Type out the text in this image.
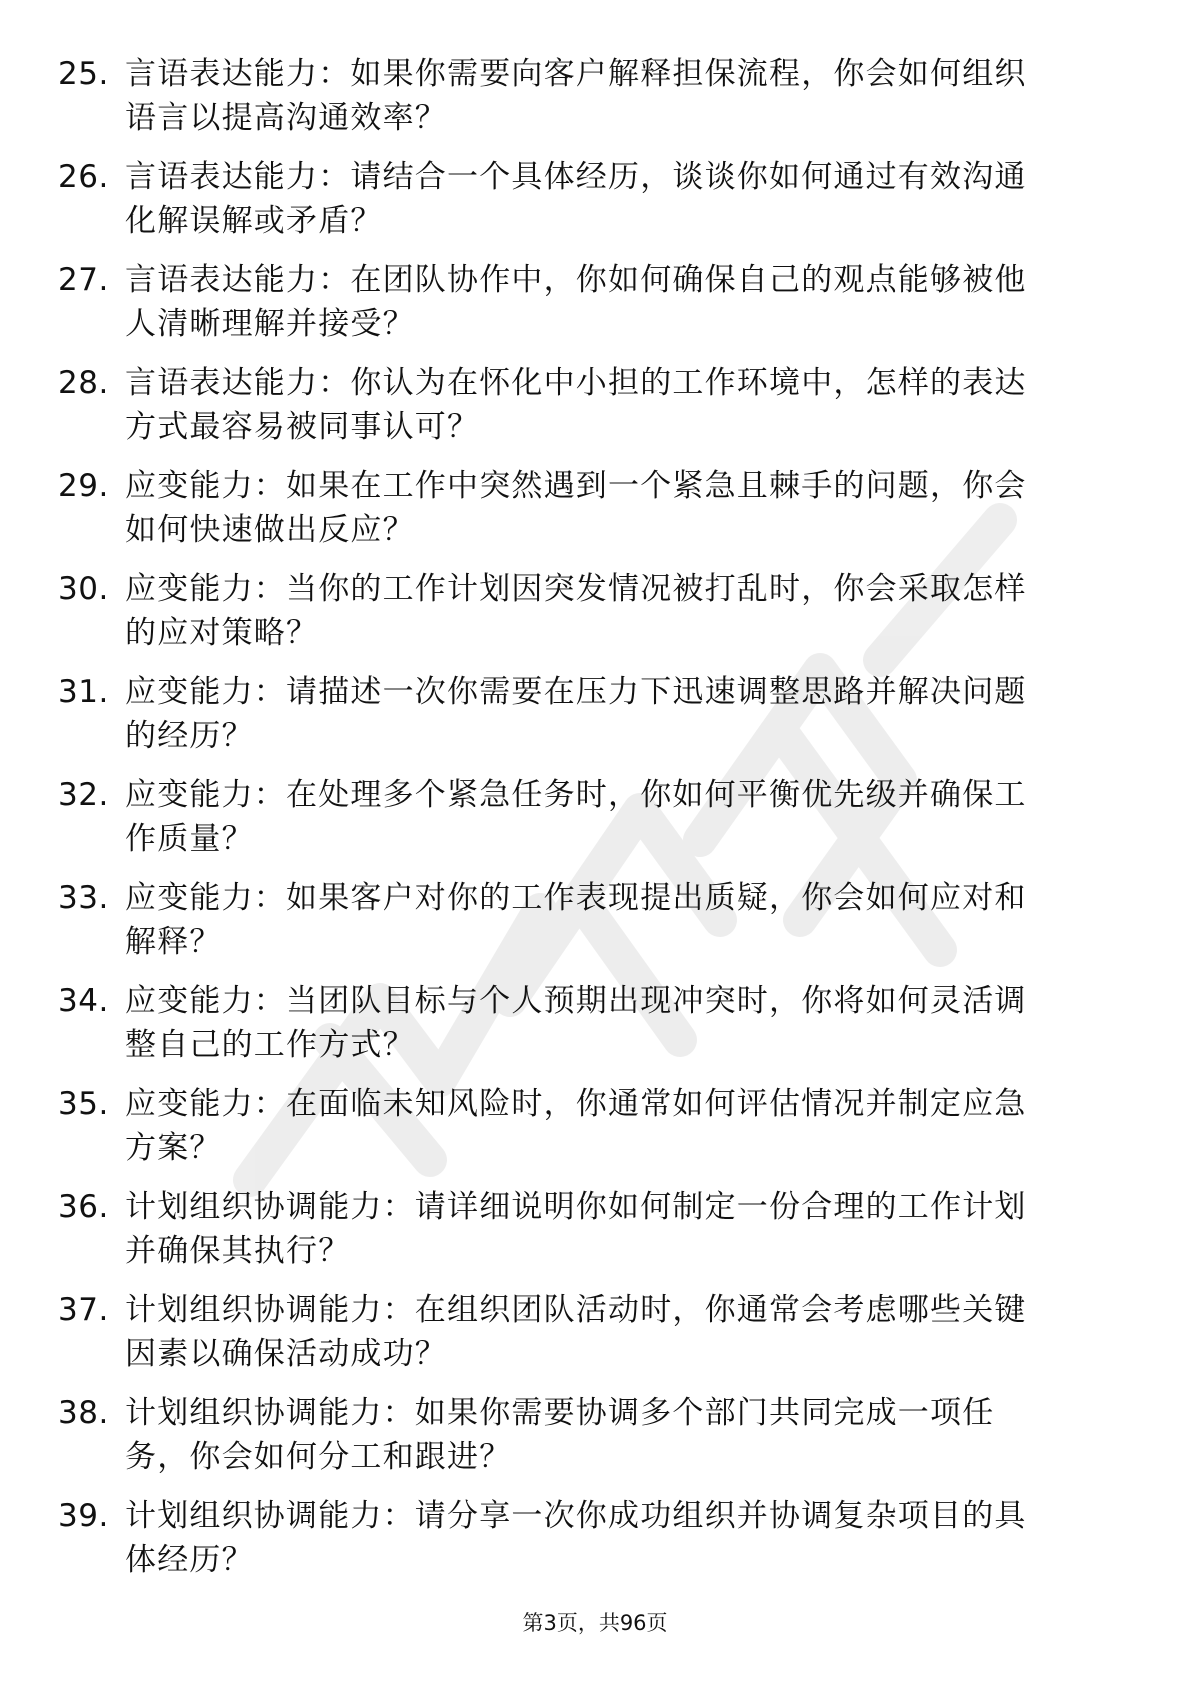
25. 言语表达能力：如果你需要向客户解释担保流程，你会如何组织
语言以提高沟通效率？
26. 言语表达能力：请结合一个具体经历，谈谈你如何通过有效沟通
化解误解或矛盾？
27. 言语表达能力：在团队协作中，你如何确保自己的观点能够被他
人清晰理解并接受？
28. 言语表达能力：你认为在怀化中小担的工作环境中，怎样的表达
方式最容易被同事认可？
29. 应变能力：如果在工作中突然遇到一个紧急且棘手的问题，你会
如何快速做出反应？
30. 应变能力：当你的工作计划因突发情况被打乱时，你会采取怎样
的应对策略？
31. 应变能力：请描述一次你需要在压力下迅速调整思路并解决问题
的经历？
32. 应变能力：在处理多个紧急任务时，你如何平衡优先级并确保工
作质量？
33. 应变能力：如果客户对你的工作表现提出质疑，你会如何应对和
解释？
34. 应变能力：当团队目标与个人预期出现冲突时，你将如何灵活调
整自己的工作方式？
35. 应变能力：在面临未知风险时，你通常如何评估情况并制定应急
方案？
36. 计划组织协调能力：请详细说明你如何制定一份合理的工作计划
并确保其执行？
37. 计划组织协调能力：在组织团队活动时，你通常会考虑哪些关键
因素以确保活动成功？
38. 计划组织协调能力：如果你需要协调多个部门共同完成一项任
务，你会如何分工和跟进？
39. 计划组织协调能力：请分享一次你成功组织并协调复杂项目的具
体经历？
第3页，共96页
